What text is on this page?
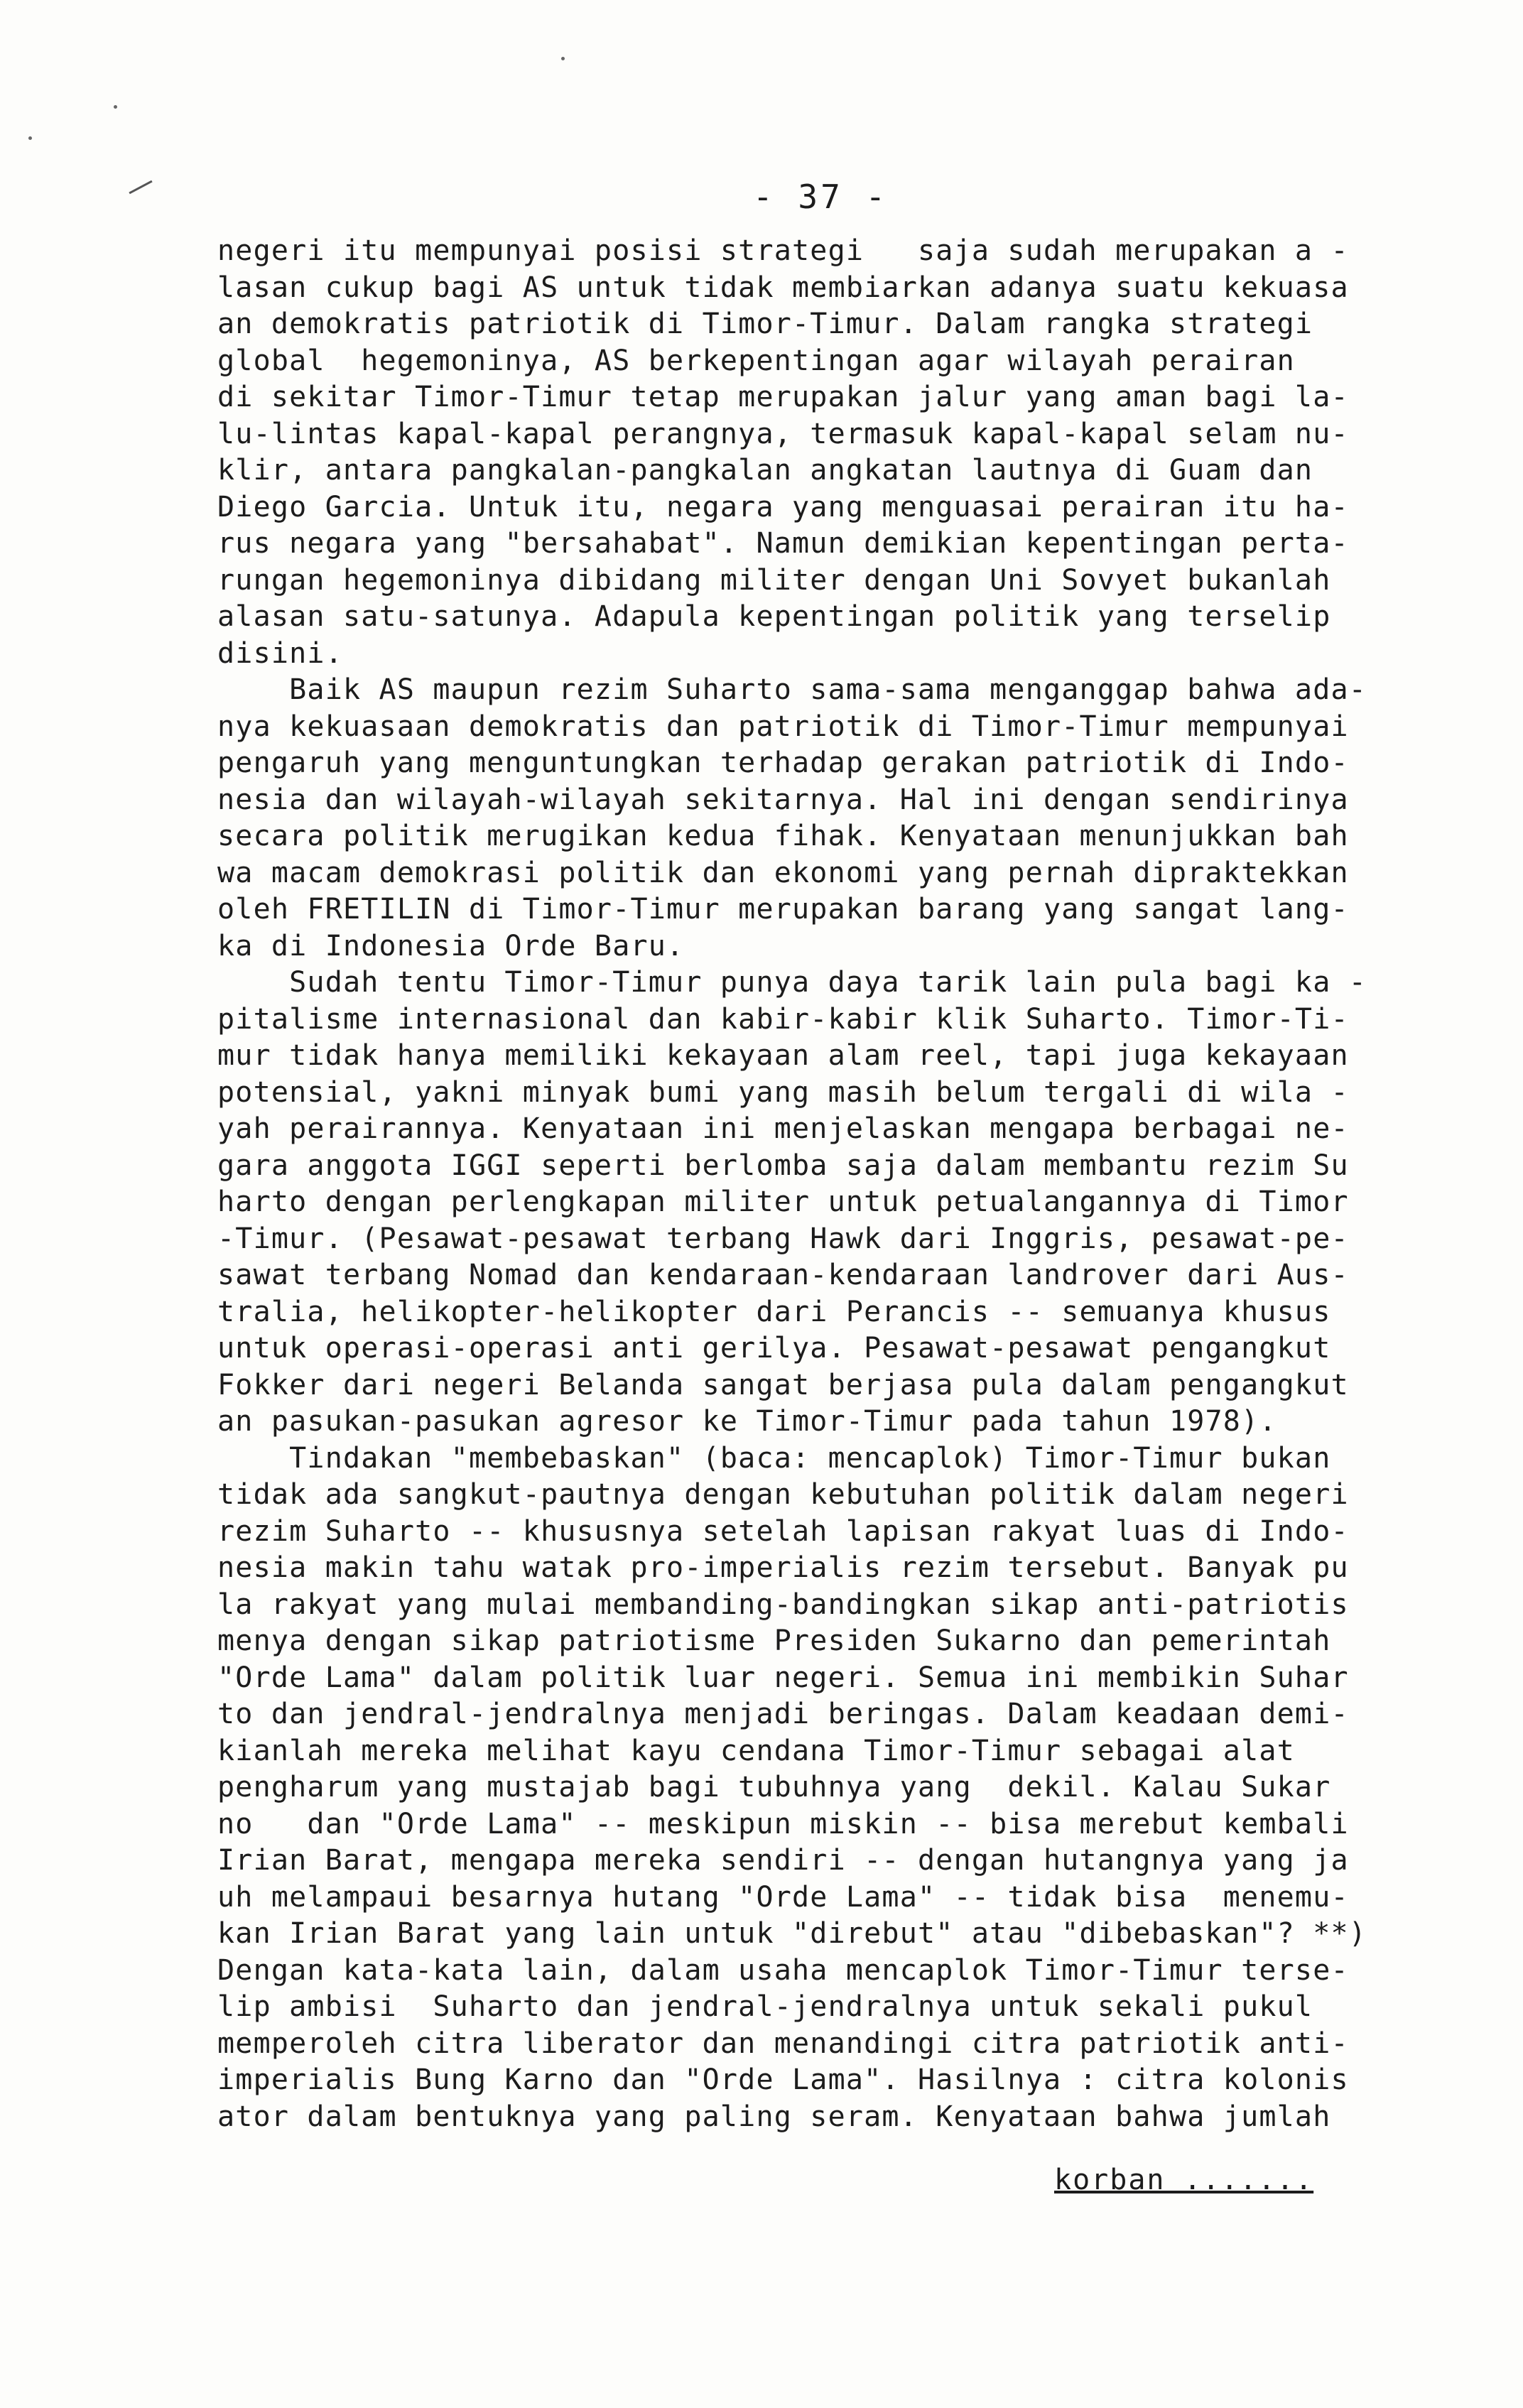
- 37 -
negeri itu mempunyai posisi strategi   saja sudah merupakan a -
lasan cukup bagi AS untuk tidak membiarkan adanya suatu kekuasa
an demokratis patriotik di Timor-Timur. Dalam rangka strategi
global  hegemoninya, AS berkepentingan agar wilayah perairan
di sekitar Timor-Timur tetap merupakan jalur yang aman bagi la-
lu-lintas kapal-kapal perangnya, termasuk kapal-kapal selam nu-
klir, antara pangkalan-pangkalan angkatan lautnya di Guam dan
Diego Garcia. Untuk itu, negara yang menguasai perairan itu ha-
rus negara yang "bersahabat". Namun demikian kepentingan perta-
rungan hegemoninya dibidang militer dengan Uni Sovyet bukanlah
alasan satu-satunya. Adapula kepentingan politik yang terselip
disini.
Baik AS maupun rezim Suharto sama-sama menganggap bahwa ada-
nya kekuasaan demokratis dan patriotik di Timor-Timur mempunyai
pengaruh yang menguntungkan terhadap gerakan patriotik di Indo-
nesia dan wilayah-wilayah sekitarnya. Hal ini dengan sendirinya
secara politik merugikan kedua fihak. Kenyataan menunjukkan bah
wa macam demokrasi politik dan ekonomi yang pernah dipraktekkan
oleh FRETILIN di Timor-Timur merupakan barang yang sangat lang-
ka di Indonesia Orde Baru.
Sudah tentu Timor-Timur punya daya tarik lain pula bagi ka -
pitalisme internasional dan kabir-kabir klik Suharto. Timor-Ti-
mur tidak hanya memiliki kekayaan alam reel, tapi juga kekayaan
potensial, yakni minyak bumi yang masih belum tergali di wila -
yah perairannya. Kenyataan ini menjelaskan mengapa berbagai ne-
gara anggota IGGI seperti berlomba saja dalam membantu rezim Su
harto dengan perlengkapan militer untuk petualangannya di Timor
-Timur. (Pesawat-pesawat terbang Hawk dari Inggris, pesawat-pe-
sawat terbang Nomad dan kendaraan-kendaraan landrover dari Aus-
tralia, helikopter-helikopter dari Perancis -- semuanya khusus
untuk operasi-operasi anti gerilya. Pesawat-pesawat pengangkut
Fokker dari negeri Belanda sangat berjasa pula dalam pengangkut
an pasukan-pasukan agresor ke Timor-Timur pada tahun 1978).
Tindakan "membebaskan" (baca: mencaplok) Timor-Timur bukan
tidak ada sangkut-pautnya dengan kebutuhan politik dalam negeri
rezim Suharto -- khususnya setelah lapisan rakyat luas di Indo-
nesia makin tahu watak pro-imperialis rezim tersebut. Banyak pu
la rakyat yang mulai membanding-bandingkan sikap anti-patriotis
menya dengan sikap patriotisme Presiden Sukarno dan pemerintah
"Orde Lama" dalam politik luar negeri. Semua ini membikin Suhar
to dan jendral-jendralnya menjadi beringas. Dalam keadaan demi-
kianlah mereka melihat kayu cendana Timor-Timur sebagai alat
pengharum yang mustajab bagi tubuhnya yang  dekil. Kalau Sukar
no   dan "Orde Lama" -- meskipun miskin -- bisa merebut kembali
Irian Barat, mengapa mereka sendiri -- dengan hutangnya yang ja
uh melampaui besarnya hutang "Orde Lama" -- tidak bisa  menemu-
kan Irian Barat yang lain untuk "direbut" atau "dibebaskan"? **)
Dengan kata-kata lain, dalam usaha mencaplok Timor-Timur terse-
lip ambisi  Suharto dan jendral-jendralnya untuk sekali pukul
memperoleh citra liberator dan menandingi citra patriotik anti-
imperialis Bung Karno dan "Orde Lama". Hasilnya : citra kolonis
ator dalam bentuknya yang paling seram. Kenyataan bahwa jumlah
korban .......
